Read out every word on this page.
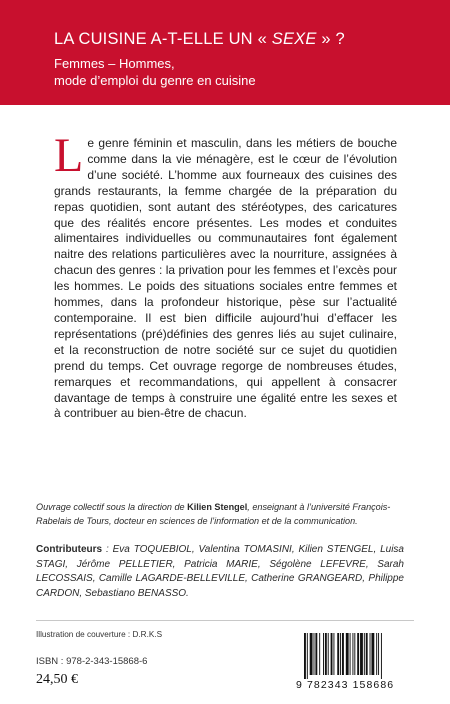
LA CUISINE A-T-ELLE UN « SEXE » ?
Femmes – Hommes,
mode d’emploi du genre en cuisine
Le genre féminin et masculin, dans les métiers de bouche comme dans la vie ménagère, est le cœur de l’évolution d’une société. L’homme aux fourneaux des cuisines des grands restaurants, la femme chargée de la préparation du repas quotidien, sont autant des stéréotypes, des caricatures que des réalités encore présentes. Les modes et conduites alimentaires individuelles ou communautaires font également naitre des relations particulières avec la nourriture, assignées à chacun des genres : la privation pour les femmes et l’excès pour les hommes. Le poids des situations sociales entre femmes et hommes, dans la profondeur historique, pèse sur l’actualité contemporaine. Il est bien difficile aujourd’hui d’effacer les représentations (pré)définies des genres liés au sujet culinaire, et la reconstruction de notre société sur ce sujet du quotidien prend du temps. Cet ouvrage regorge de nombreuses études, remarques et recommandations, qui appellent à consacrer davantage de temps à construire une égalité entre les sexes et à contribuer au bien-être de chacun.
Ouvrage collectif sous la direction de Kilien Stengel, enseignant à l’université François-Rabelais de Tours, docteur en sciences de l’information et de la communication.
Contributeurs : Eva TOQUEBIOL, Valentina TOMASINI, Kilien STENGEL, Luisa STAGI, Jérôme PELLETIER, Patricia MARIE, Ségolène LEFEVRE, Sarah LECOSSAIS, Camille LAGARDE-BELLEVILLE, Catherine GRANGEARD, Philippe CARDON, Sebastiano BENASSO.
Illustration de couverture : D.R.K.S
ISBN : 978-2-343-15868-6
24,50 €	9 782343 158686
